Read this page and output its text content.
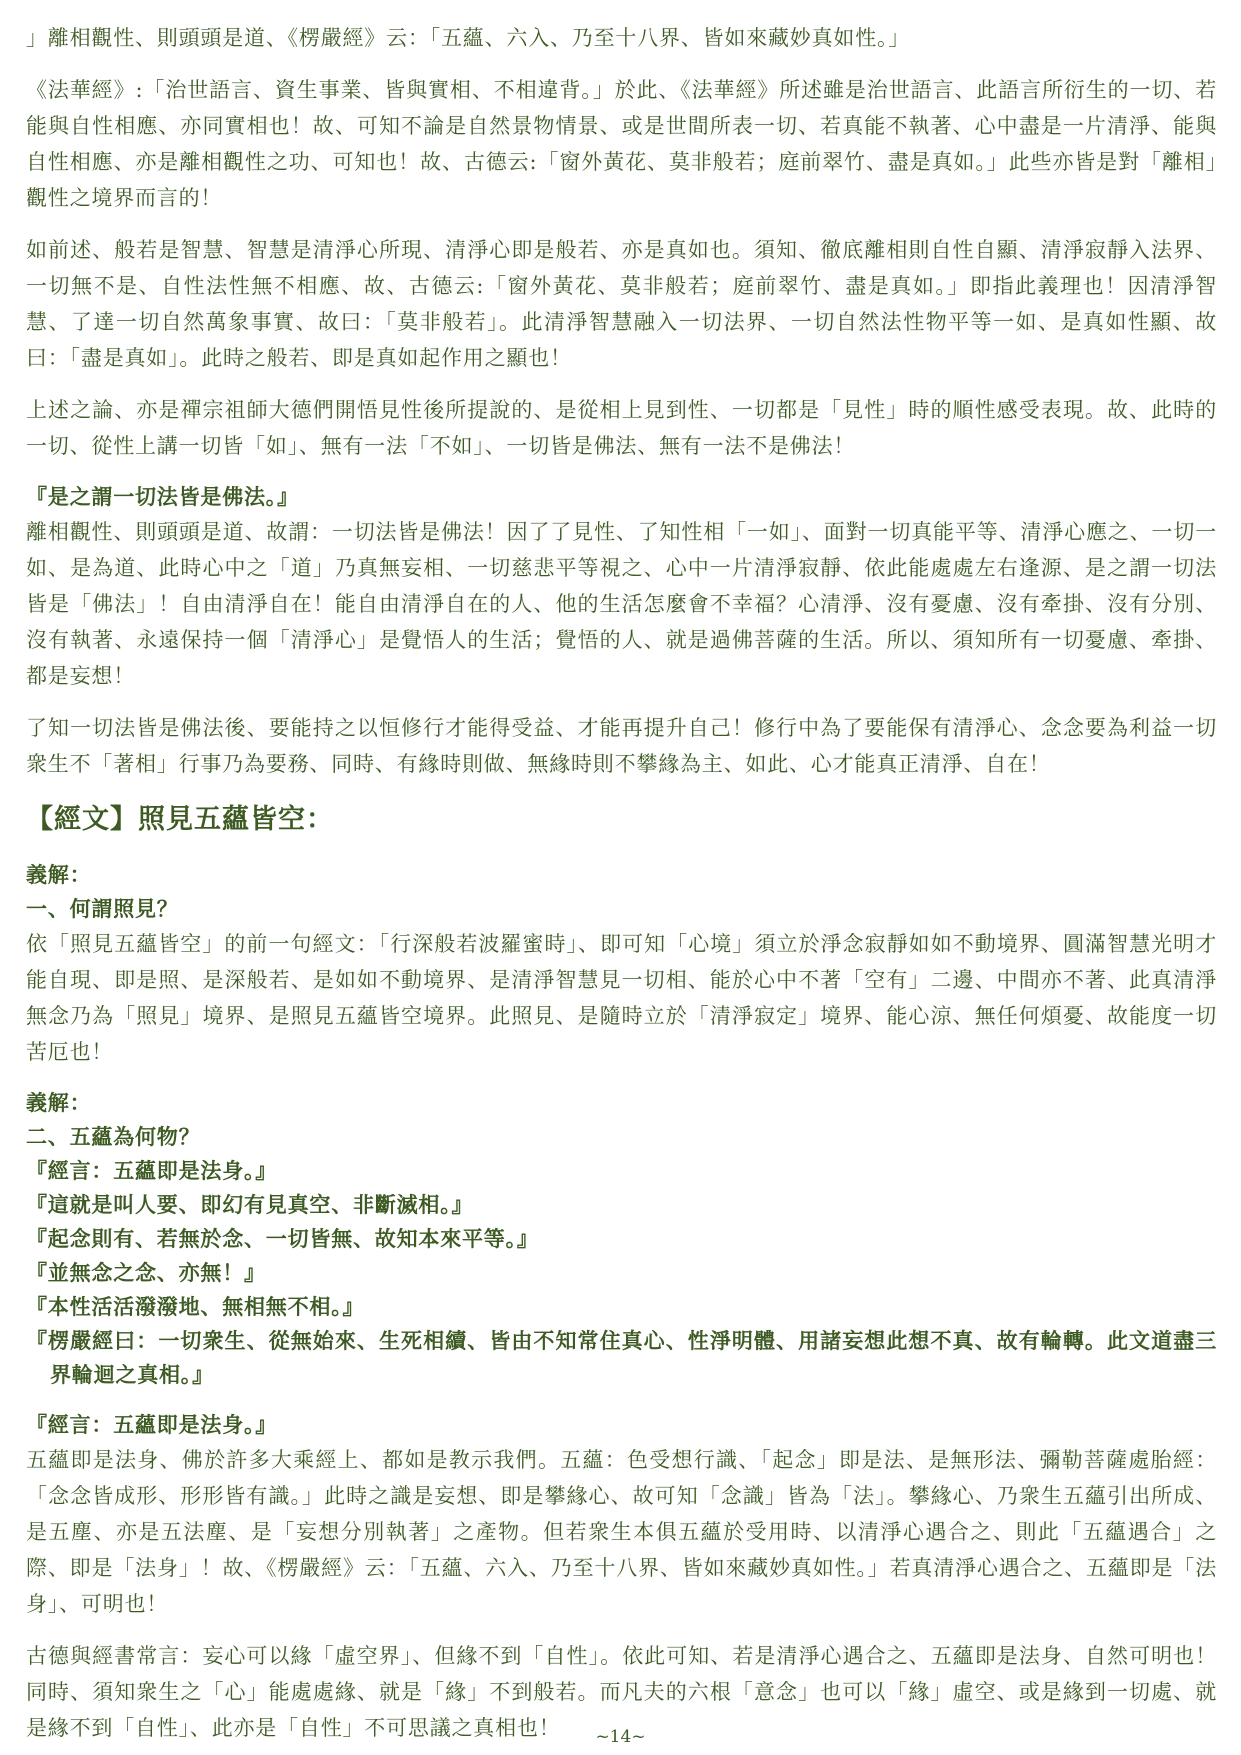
」離相觀性、則頭頭是道、《楞嚴經》云：「五蘊、六入、乃至十八界、皆如來藏妙真如性。」

《法華經》:「治世語言、資生事業、皆與實相、不相違背。」於此、《法華經》所述雖是治世語言、此語言所衍生的一切、若能與自性相應、亦同實相也！故、可知不論是自然景物情景、或是世間所表一切、若真能不執著、心中盡是一片清淨、能與自性相應、亦是離相觀性之功、可知也！故、古德云:「窗外黃花、莫非般若；庭前翠竹、盡是真如。」此些亦皆是對「離相」觀性之境界而言的！

如前述、般若是智慧、智慧是清淨心所現、清淨心即是般若、亦是真如也。須知、徹底離相則自性自顯、清淨寂靜入法界、一切無不是、自性法性無不相應、故、古德云:「窗外黃花、莫非般若；庭前翠竹、盡是真如。」即指此義理也！因清淨智慧、了達一切自然萬象事實、故曰：「莫非般若」。此清淨智慧融入一切法界、一切自然法性物平等一如、是真如性顯、故曰：「盡是真如」。此時之般若、即是真如起作用之顯也！

上述之論、亦是禪宗祖師大德們開悟見性後所提說的、是從相上見到性、一切都是「見性」時的順性感受表現。故、此時的一切、從性上講一切皆「如」、無有一法「不如」、一切皆是佛法、無有一法不是佛法！

『是之謂一切法皆是佛法。』

離相觀性、則頭頭是道、故謂：一切法皆是佛法！因了了見性、了知性相「一如」、面對一切真能平等、清淨心應之、一切一如、是為道、此時心中之「道」乃真無妄相、一切慈悲平等視之、心中一片清淨寂靜、依此能處處左右逢源、是之謂一切法皆是「佛法」！自由清淨自在！能自由清淨自在的人、他的生活怎麼會不幸福？心清淨、沒有憂慮、沒有牽掛、沒有分別、沒有執著、永遠保持一個「清淨心」是覺悟人的生活；覺悟的人、就是過佛菩薩的生活。所以、須知所有一切憂慮、牽掛、都是妄想！

了知一切法皆是佛法後、要能持之以恒修行才能得受益、才能再提升自己！修行中為了要能保有清淨心、念念要為利益一切衆生不「著相」行事乃為要務、同時、有緣時則做、無緣時則不攀緣為主、如此、心才能真正清淨、自在！

【經文】照見五蘊皆空：
義解：
一、何謂照見？

依「照見五蘊皆空」的前一句經文：「行深般若波羅蜜時」、即可知「心境」須立於淨念寂靜如如不動境界、圓滿智慧光明才能自現、即是照、是深般若、是如如不動境界、是清淨智慧見一切相、能於心中不著「空有」二邊、中間亦不著、此真清淨無念乃為「照見」境界、是照見五蘊皆空境界。此照見、是隨時立於「清淨寂定」境界、能心涼、無任何煩憂、故能度一切苦厄也！

義解：
二、五蘊為何物？
『經言：五蘊即是法身。』
『這就是叫人要、即幻有見真空、非斷滅相。』
『起念則有、若無於念、一切皆無、故知本來平等。』
『並無念之念、亦無！』
『本性活活潑潑地、無相無不相。』
『楞嚴經曰：一切衆生、從無始來、生死相續、皆由不知常住真心、性淨明體、用諸妄想此想不真、故有輪轉。此文道盡三界輪迴之真相。』
『經言：五蘊即是法身。』

五蘊即是法身、佛於許多大乘經上、都如是教示我們。五蘊：色受想行識、「起念」即是法、是無形法、彌勒菩薩處胎經：「念念皆成形、形形皆有識。」此時之識是妄想、即是攀緣心、故可知「念識」皆為「法」。攀緣心、乃衆生五蘊引出所成、是五塵、亦是五法塵、是「妄想分別執著」之產物。但若衆生本俱五蘊於受用時、以清淨心遇合之、則此「五蘊遇合」之際、即是「法身」！故、《楞嚴經》云：「五蘊、六入、乃至十八界、皆如來藏妙真如性。」若真清淨心遇合之、五蘊即是「法身」、可明也！

古德與經書常言：妄心可以緣「虛空界」、但緣不到「自性」。依此可知、若是清淨心遇合之、五蘊即是法身、自然可明也！同時、須知衆生之「心」能處處緣、就是「緣」不到般若。而凡夫的六根「意念」也可以「緣」虛空、或是緣到一切處、就是緣不到「自性」、此亦是「自性」不可思議之真相也！	~14~
